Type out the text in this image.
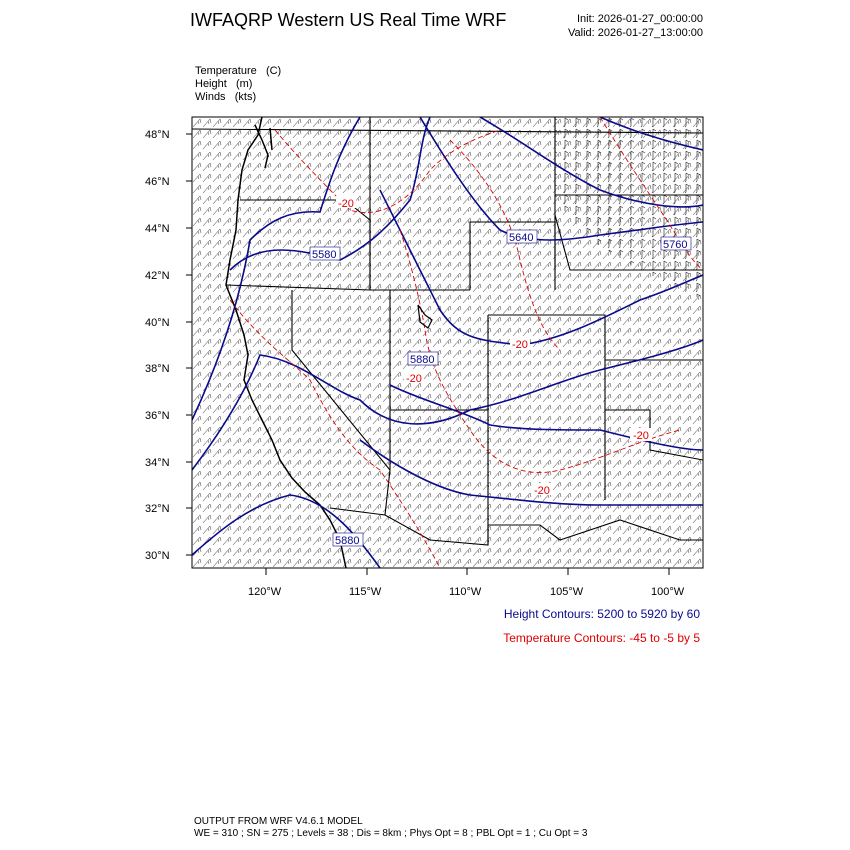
IWFAQRP Western US Real Time WRF	Init: 2026-01-27_00:00:00
Valid: 2026-01-27_13:00:00
Temperature (C)
Height (m)
Winds (kts)
5580
5640
5760
5880
5880
-20
-20
-20
-20
-20
48°N
46°N
44°N
42°N
40°N
38°N
36°N
34°N
32°N
30°N
120°W	115°W	110°W	105°W	100°W
Height Contours: 5200 to 5920 by 60
Temperature Contours: -45 to -5 by 5
OUTPUT FROM WRF V4.6.1 MODEL
WE = 310 ; SN = 275 ; Levels = 38 ; Dis = 8km ; Phys Opt = 8 ; PBL Opt = 1 ; Cu Opt = 3
